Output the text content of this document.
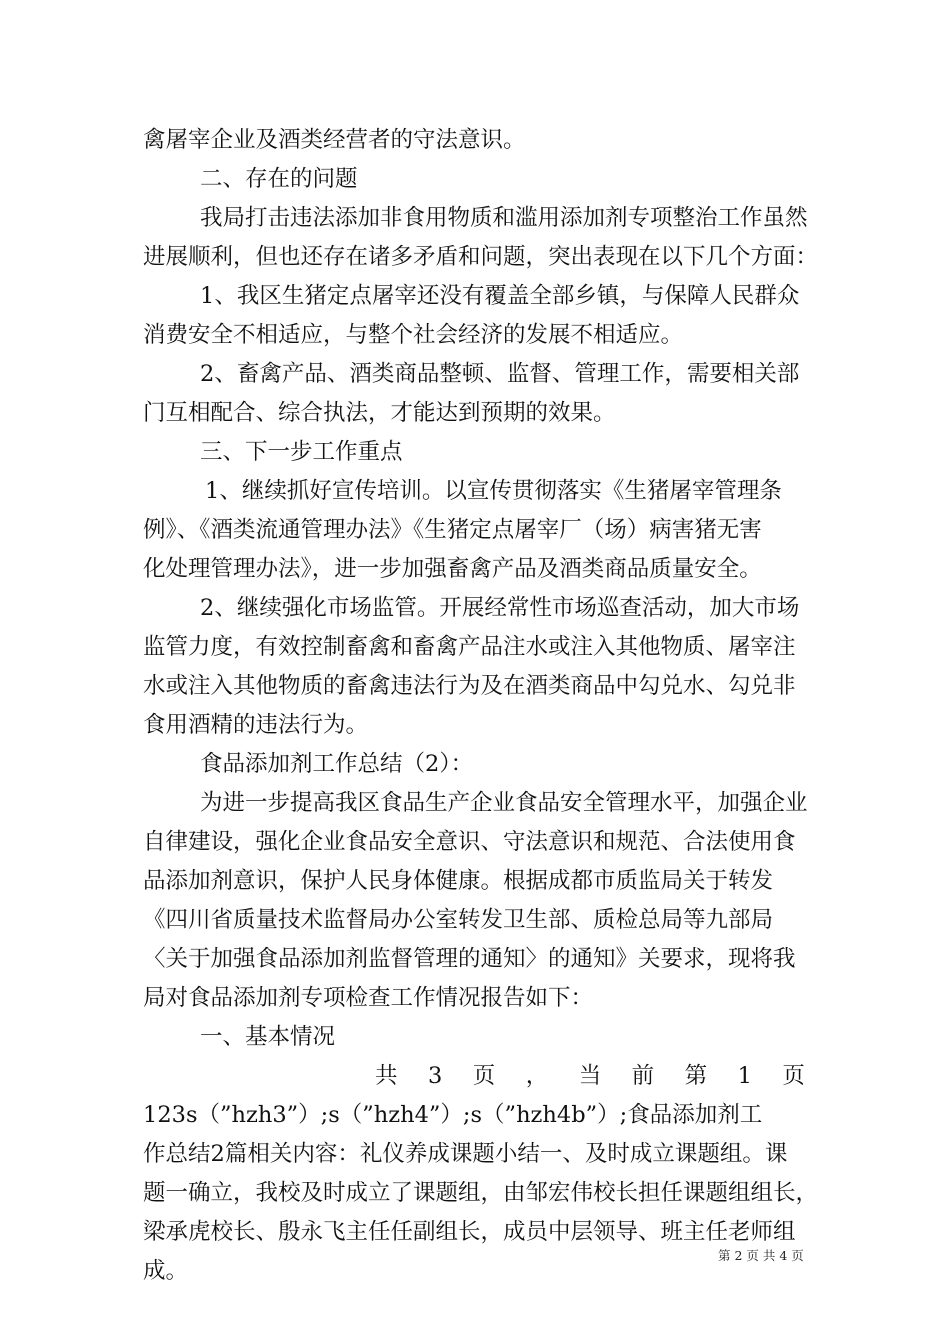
禽屠宰企业及酒类经营者的守法意识。
二、存在的问题
我局打击违法添加非食用物质和滥用添加剂专项整治工作虽然
进展顺利，但也还存在诸多矛盾和问题，突出表现在以下几个方面：
1、我区生猪定点屠宰还没有覆盖全部乡镇，与保障人民群众
消费安全不相适应，与整个社会经济的发展不相适应。
2、畜禽产品、酒类商品整顿、监督、管理工作，需要相关部
门互相配合、综合执法，才能达到预期的效果。
三、下一步工作重点
1、继续抓好宣传培训。以宣传贯彻落实《生猪屠宰管理条
例》、《酒类流通管理办法》《生猪定点屠宰厂（场）病害猪无害
化处理管理办法》，进一步加强畜禽产品及酒类商品质量安全。
2、继续强化市场监管。开展经常性市场巡查活动，加大市场
监管力度，有效控制畜禽和畜禽产品注水或注入其他物质、屠宰注
水或注入其他物质的畜禽违法行为及在酒类商品中勾兑水、勾兑非
食用酒精的违法行为。
食品添加剂工作总结（2）：
为进一步提高我区食品生产企业食品安全管理水平，加强企业
自律建设，强化企业食品安全意识、守法意识和规范、合法使用食
品添加剂意识，保护人民身体健康。根据成都市质监局关于转发
《四川省质量技术监督局办公室转发卫生部、质检总局等九部局
〈关于加强食品添加剂监督管理的通知〉的通知》关要求，现将我
局对食品添加剂专项检查工作情况报告如下：
一、基本情况
共 3 页 ， 当 前 第 1 页
123s（”hzh3”）;s（”hzh4”）;s（”hzh4b”）;食品添加剂工
作总结2篇相关内容：礼仪养成课题小结一、及时成立课题组。课
题一确立，我校及时成立了课题组，由邹宏伟校长担任课题组组长，
梁承虎校长、殷永飞主任任副组长，成员中层领导、班主任老师组
成。
第 2 页 共 4 页
